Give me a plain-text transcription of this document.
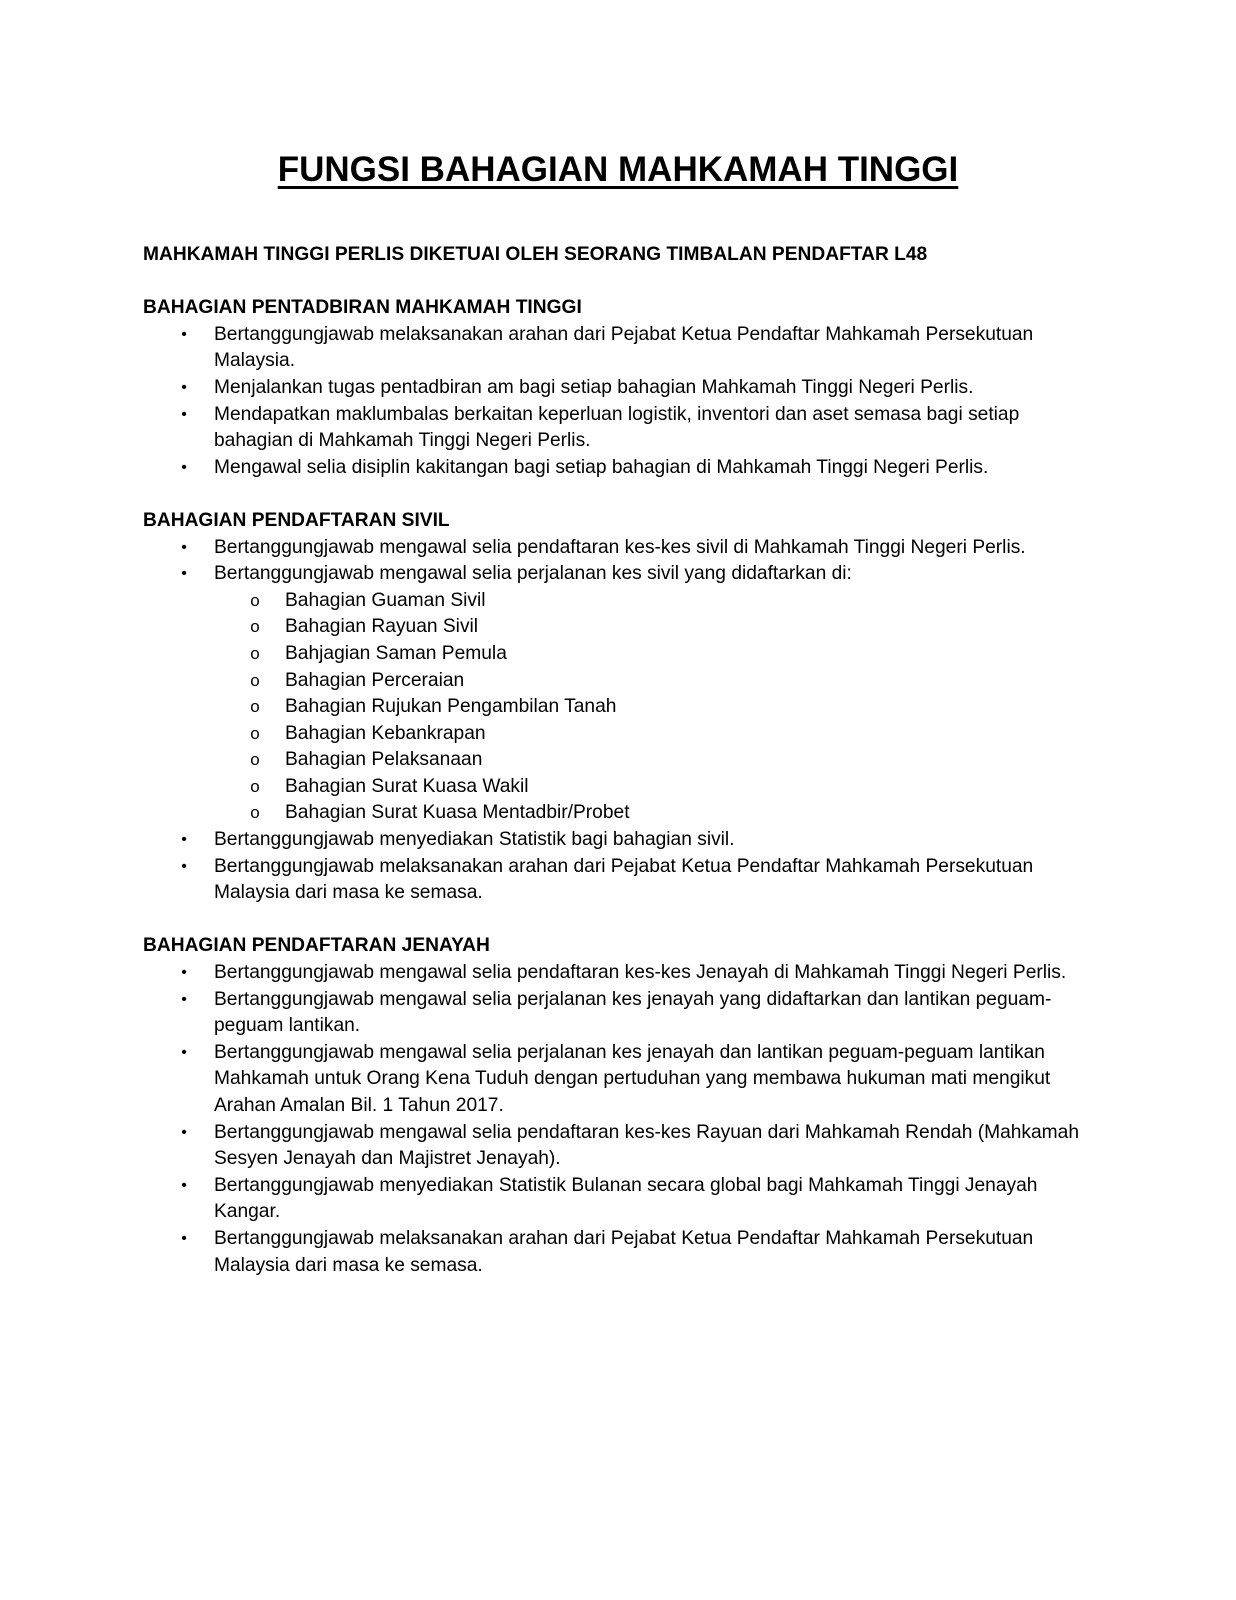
FUNGSI BAHAGIAN MAHKAMAH TINGGI

MAHKAMAH TINGGI PERLIS DIKETUAI OLEH SEORANG TIMBALAN PENDAFTAR L48

BAHAGIAN PENTADBIRAN MAHKAMAH TINGGI

• Bertanggungjawab melaksanakan arahan dari Pejabat Ketua Pendaftar Mahkamah Persekutuan Malaysia.
• Menjalankan tugas pentadbiran am bagi setiap bahagian Mahkamah Tinggi Negeri Perlis.
• Mendapatkan maklumbalas berkaitan keperluan logistik, inventori dan aset semasa bagi setiap bahagian di Mahkamah Tinggi Negeri Perlis.
• Mengawal selia disiplin kakitangan bagi setiap bahagian di Mahkamah Tinggi Negeri Perlis.

BAHAGIAN PENDAFTARAN SIVIL

• Bertanggungjawab mengawal selia pendaftaran kes-kes sivil di Mahkamah Tinggi Negeri Perlis.
• Bertanggungjawab mengawal selia perjalanan kes sivil yang didaftarkan di:
o Bahagian Guaman Sivil
o Bahagian Rayuan Sivil
o Bahjagian Saman Pemula
o Bahagian Perceraian
o Bahagian Rujukan Pengambilan Tanah
o Bahagian Kebankrapan
o Bahagian Pelaksanaan
o Bahagian Surat Kuasa Wakil
o Bahagian Surat Kuasa Mentadbir/Probet
• Bertanggungjawab menyediakan Statistik bagi bahagian sivil.
• Bertanggungjawab melaksanakan arahan dari Pejabat Ketua Pendaftar Mahkamah Persekutuan Malaysia dari masa ke semasa.

BAHAGIAN PENDAFTARAN JENAYAH

• Bertanggungjawab mengawal selia pendaftaran kes-kes Jenayah di Mahkamah Tinggi Negeri Perlis.
• Bertanggungjawab mengawal selia perjalanan kes jenayah yang didaftarkan dan lantikan peguam-peguam lantikan.
• Bertanggungjawab mengawal selia perjalanan kes jenayah dan lantikan peguam-peguam lantikan Mahkamah untuk Orang Kena Tuduh dengan pertuduhan yang membawa hukuman mati mengikut Arahan Amalan Bil. 1 Tahun 2017.
• Bertanggungjawab mengawal selia pendaftaran kes-kes Rayuan dari Mahkamah Rendah (Mahkamah Sesyen Jenayah dan Majistret Jenayah).
• Bertanggungjawab menyediakan Statistik Bulanan secara global bagi Mahkamah Tinggi Jenayah Kangar.
• Bertanggungjawab melaksanakan arahan dari Pejabat Ketua Pendaftar Mahkamah Persekutuan Malaysia dari masa ke semasa.
